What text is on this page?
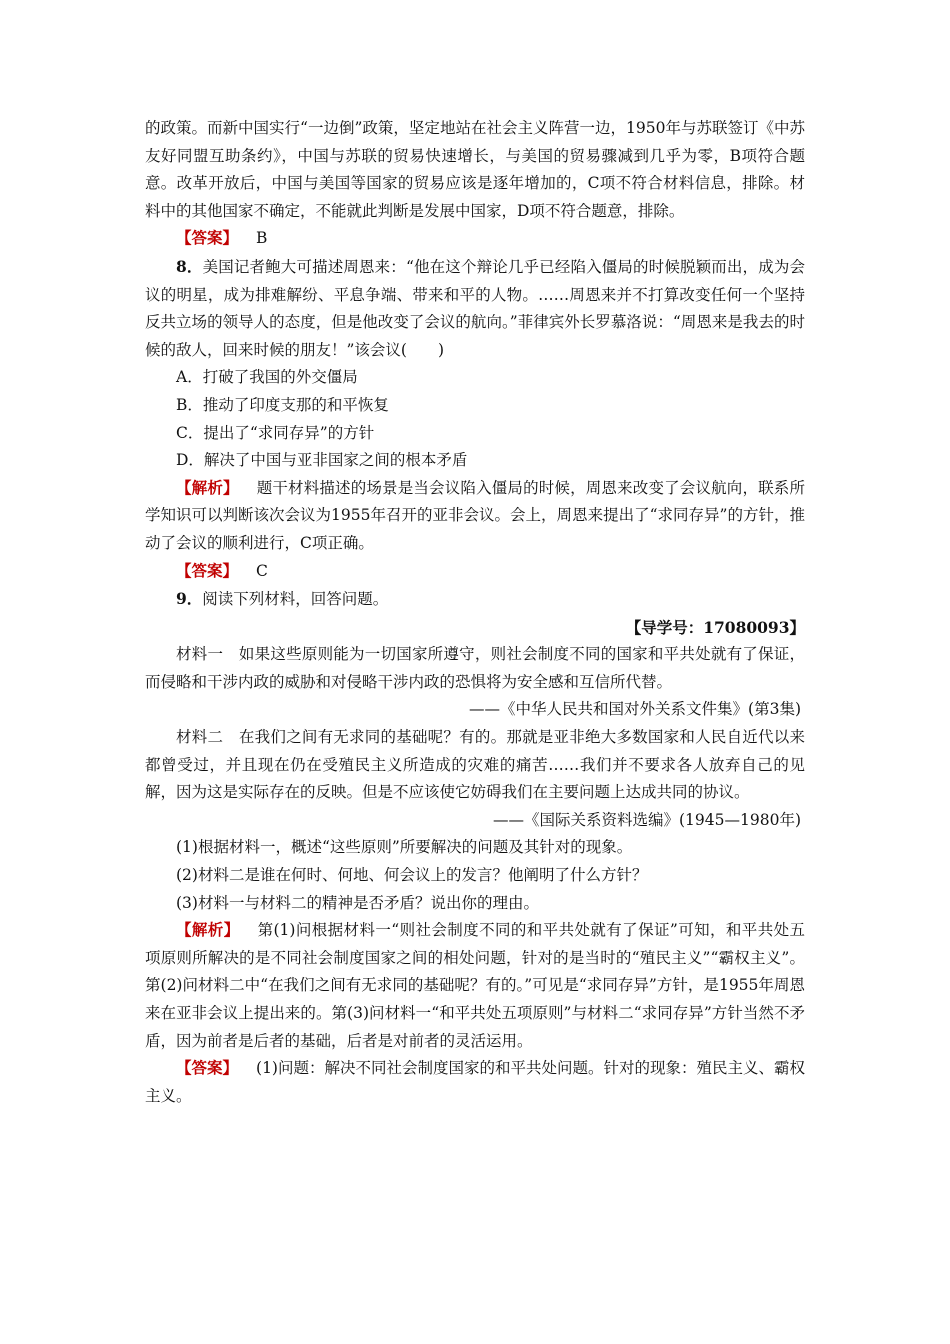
的政策。而新中国实行“一边倒”政策，坚定地站在社会主义阵营一边，1950年与苏联签订《中苏友好同盟互助条约》，中国与苏联的贸易快速增长，与美国的贸易骤减到几乎为零，B项符合题意。改革开放后，中国与美国等国家的贸易应该是逐年增加的，C项不符合材料信息，排除。材料中的其他国家不确定，不能就此判断是发展中国家，D项不符合题意，排除。

【答案】 B

8．美国记者鲍大可描述周恩来：“他在这个辩论几乎已经陷入僵局的时候脱颖而出，成为会议的明星，成为排难解纷、平息争端、带来和平的人物。……周恩来并不打算改变任何一个坚持反共立场的领导人的态度，但是他改变了会议的航向。”菲律宾外长罗慕洛说：“周恩来是我去的时候的敌人，回来时候的朋友！”该会议(　　)

A．打破了我国的外交僵局

B．推动了印度支那的和平恢复

C．提出了“求同存异”的方针

D．解决了中国与亚非国家之间的根本矛盾

【解析】 题干材料描述的场景是当会议陷入僵局的时候，周恩来改变了会议航向，联系所学知识可以判断该次会议为1955年召开的亚非会议。会上，周恩来提出了“求同存异”的方针，推动了会议的顺利进行，C项正确。

【答案】 C

9．阅读下列材料，回答问题。

【导学号：17080093】

材料一　如果这些原则能为一切国家所遵守，则社会制度不同的国家和平共处就有了保证，而侵略和干涉内政的威胁和对侵略干涉内政的恐惧将为安全感和互信所代替。

——《中华人民共和国对外关系文件集》(第3集)

材料二　在我们之间有无求同的基础呢？有的。那就是亚非绝大多数国家和人民自近代以来都曾受过，并且现在仍在受殖民主义所造成的灾难的痛苦……我们并不要求各人放弃自己的见解，因为这是实际存在的反映。但是不应该使它妨碍我们在主要问题上达成共同的协议。

——《国际关系资料选编》(1945—1980年)

(1)根据材料一，概述“这些原则”所要解决的问题及其针对的现象。

(2)材料二是谁在何时、何地、何会议上的发言？他阐明了什么方针？

(3)材料一与材料二的精神是否矛盾？说出你的理由。

【解析】 第(1)问根据材料一“则社会制度不同的和平共处就有了保证”可知，和平共处五项原则所解决的是不同社会制度国家之间的相处问题，针对的是当时的“殖民主义”“霸权主义”。第(2)问材料二中“在我们之间有无求同的基础呢？有的。”可见是“求同存异”方针，是1955年周恩来在亚非会议上提出来的。第(3)问材料一“和平共处五项原则”与材料二“求同存异”方针当然不矛盾，因为前者是后者的基础，后者是对前者的灵活运用。

【答案】 (1)问题：解决不同社会制度国家的和平共处问题。针对的现象：殖民主义、霸权主义。
